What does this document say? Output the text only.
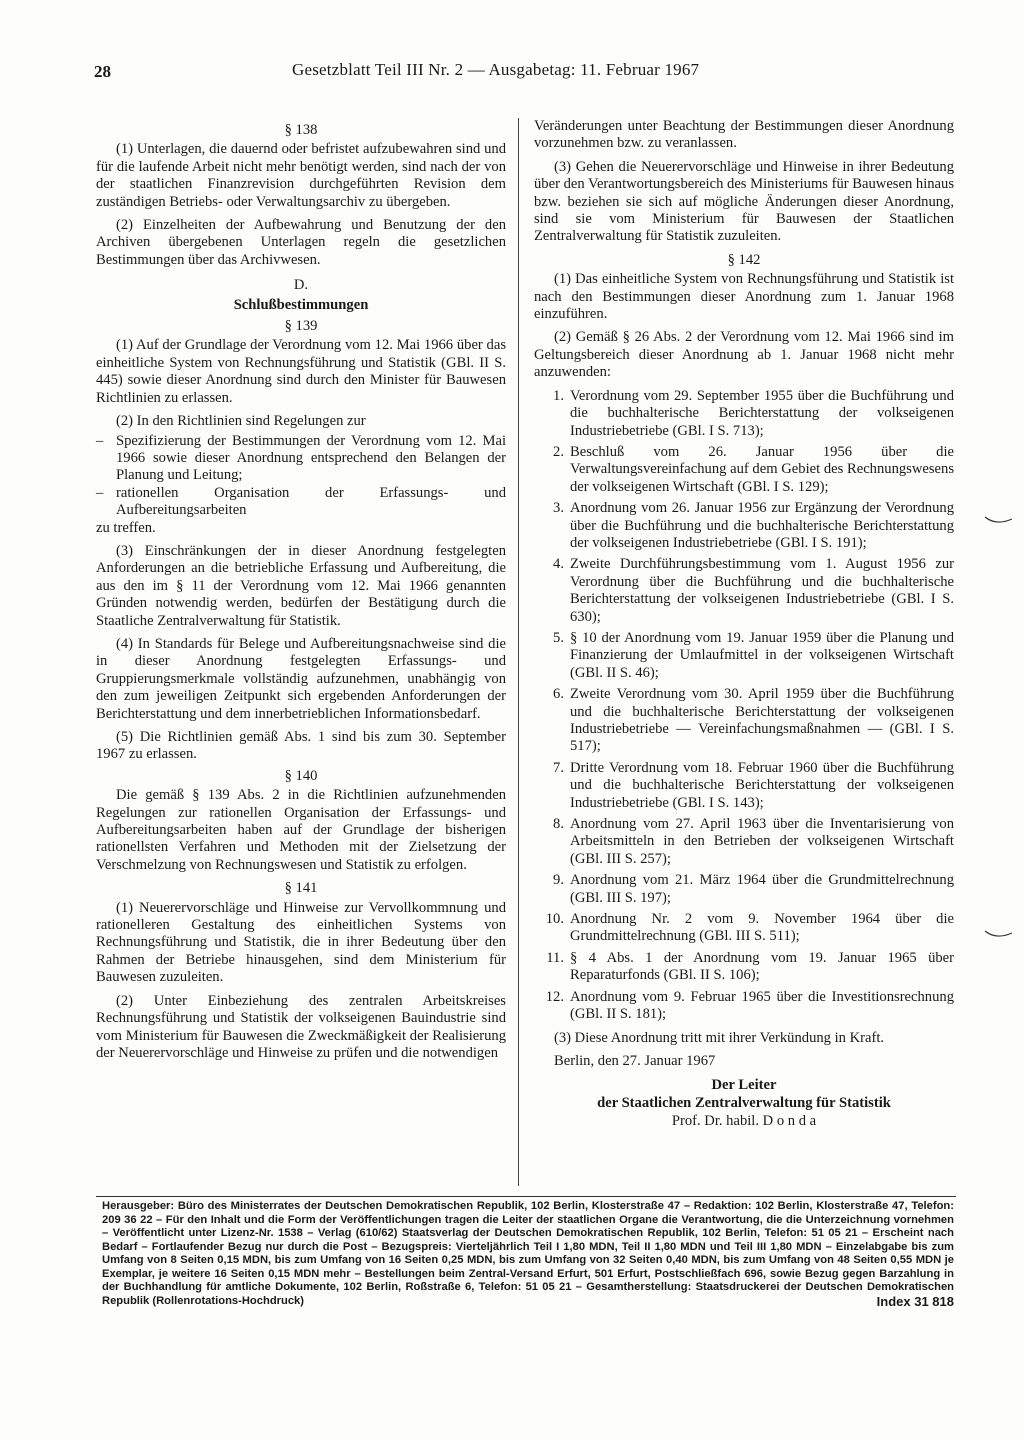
28	Gesetzblatt Teil III Nr. 2 — Ausgabetag: 11. Februar 1967
§ 138

(1) Unterlagen, die dauernd oder befristet aufzubewahren sind und für die laufende Arbeit nicht mehr benötigt werden, sind nach der von der staatlichen Finanzrevision durchgeführten Revision dem zuständigen Betriebs- oder Verwaltungsarchiv zu übergeben.

(2) Einzelheiten der Aufbewahrung und Benutzung der den Archiven übergebenen Unterlagen regeln die gesetzlichen Bestimmungen über das Archivwesen.

D.
Schlußbestimmungen
§ 139

(1) Auf der Grundlage der Verordnung vom 12. Mai 1966 über das einheitliche System von Rechnungsführung und Statistik (GBl. II S. 445) sowie dieser Anordnung sind durch den Minister für Bauwesen Richtlinien zu erlassen.

(2) In den Richtlinien sind Regelungen zur

– Spezifizierung der Bestimmungen der Verordnung vom 12. Mai 1966 sowie dieser Anordnung entsprechend den Belangen der Planung und Leitung;
– rationellen Organisation der Erfassungs- und Aufbereitungsarbeiten

zu treffen.

(3) Einschränkungen der in dieser Anordnung festgelegten Anforderungen an die betriebliche Erfassung und Aufbereitung, die aus den im § 11 der Verordnung vom 12. Mai 1966 genannten Gründen notwendig werden, bedürfen der Bestätigung durch die Staatliche Zentralverwaltung für Statistik.

(4) In Standards für Belege und Aufbereitungsnachweise sind die in dieser Anordnung festgelegten Erfassungs- und Gruppierungsmerkmale vollständig aufzunehmen, unabhängig von den zum jeweiligen Zeitpunkt sich ergebenden Anforderungen der Berichterstattung und dem innerbetrieblichen Informationsbedarf.

(5) Die Richtlinien gemäß Abs. 1 sind bis zum 30. September 1967 zu erlassen.

§ 140

Die gemäß § 139 Abs. 2 in die Richtlinien aufzunehmenden Regelungen zur rationellen Organisation der Erfassungs- und Aufbereitungsarbeiten haben auf der Grundlage der bisherigen rationellsten Verfahren und Methoden mit der Zielsetzung der Verschmelzung von Rechnungswesen und Statistik zu erfolgen.

§ 141

(1) Neuerervorschläge und Hinweise zur Vervollkommnung und rationelleren Gestaltung des einheitlichen Systems von Rechnungsführung und Statistik, die in ihrer Bedeutung über den Rahmen der Betriebe hinausgehen, sind dem Ministerium für Bauwesen zuzuleiten.

(2) Unter Einbeziehung des zentralen Arbeitskreises Rechnungsführung und Statistik der volkseigenen Bauindustrie sind vom Ministerium für Bauwesen die Zweckmäßigkeit der Realisierung der Neuerervorschläge und Hinweise zu prüfen und die notwendigen

Veränderungen unter Beachtung der Bestimmungen dieser Anordnung vorzunehmen bzw. zu veranlassen.

(3) Gehen die Neuerervorschläge und Hinweise in ihrer Bedeutung über den Verantwortungsbereich des Ministeriums für Bauwesen hinaus bzw. beziehen sie sich auf mögliche Änderungen dieser Anordnung, sind sie vom Ministerium für Bauwesen der Staatlichen Zentralverwaltung für Statistik zuzuleiten.

§ 142

(1) Das einheitliche System von Rechnungsführung und Statistik ist nach den Bestimmungen dieser Anordnung zum 1. Januar 1968 einzuführen.

(2) Gemäß § 26 Abs. 2 der Verordnung vom 12. Mai 1966 sind im Geltungsbereich dieser Anordnung ab 1. Januar 1968 nicht mehr anzuwenden:

1. Verordnung vom 29. September 1955 über die Buchführung und die buchhalterische Berichterstattung der volkseigenen Industriebetriebe (GBl. I S. 713);
2. Beschluß vom 26. Januar 1956 über die Verwaltungsvereinfachung auf dem Gebiet des Rechnungswesens der volkseigenen Wirtschaft (GBl. I S. 129);
3. Anordnung vom 26. Januar 1956 zur Ergänzung der Verordnung über die Buchführung und die buchhalterische Berichterstattung der volkseigenen Industriebetriebe (GBl. I S. 191);
4. Zweite Durchführungsbestimmung vom 1. August 1956 zur Verordnung über die Buchführung und die buchhalterische Berichterstattung der volkseigenen Industriebetriebe (GBl. I S. 630);
5. § 10 der Anordnung vom 19. Januar 1959 über die Planung und Finanzierung der Umlaufmittel in der volkseigenen Wirtschaft (GBl. II S. 46);
6. Zweite Verordnung vom 30. April 1959 über die Buchführung und die buchhalterische Berichterstattung der volkseigenen Industriebetriebe — Vereinfachungsmaßnahmen — (GBl. I S. 517);
7. Dritte Verordnung vom 18. Februar 1960 über die Buchführung und die buchhalterische Berichterstattung der volkseigenen Industriebetriebe (GBl. I S. 143);
8. Anordnung vom 27. April 1963 über die Inventarisierung von Arbeitsmitteln in den Betrieben der volkseigenen Wirtschaft (GBl. III S. 257);
9. Anordnung vom 21. März 1964 über die Grundmittelrechnung (GBl. III S. 197);
10. Anordnung Nr. 2 vom 9. November 1964 über die Grundmittelrechnung (GBl. III S. 511);
11. § 4 Abs. 1 der Anordnung vom 19. Januar 1965 über Reparaturfonds (GBl. II S. 106);
12. Anordnung vom 9. Februar 1965 über die Investitionsrechnung (GBl. II S. 181);

(3) Diese Anordnung tritt mit ihrer Verkündung in Kraft.

Berlin, den 27. Januar 1967

Der Leiter
der Staatlichen Zentralverwaltung für Statistik
Prof. Dr. habil. D o n d a
Herausgeber: Büro des Ministerrates der Deutschen Demokratischen Republik, 102 Berlin, Klosterstraße 47 – Redaktion: 102 Berlin, Klosterstraße 47, Telefon: 209 36 22 – Für den Inhalt und die Form der Veröffentlichungen tragen die Leiter der staatlichen Organe die Verantwortung, die die Unterzeichnung vornehmen – Veröffentlicht unter Lizenz-Nr. 1538 – Verlag (610/62) Staatsverlag der Deutschen Demokratischen Republik, 102 Berlin, Telefon: 51 05 21 – Erscheint nach Bedarf – Fortlaufender Bezug nur durch die Post – Bezugspreis: Vierteljährlich Teil I 1,80 MDN, Teil II 1,80 MDN und Teil III 1,80 MDN – Einzelabgabe bis zum Umfang von 8 Seiten 0,15 MDN, bis zum Umfang von 16 Seiten 0,25 MDN, bis zum Umfang von 32 Seiten 0,40 MDN, bis zum Umfang von 48 Seiten 0,55 MDN je Exemplar, je weitere 16 Seiten 0,15 MDN mehr – Bestellungen beim Zentral-Versand Erfurt, 501 Erfurt, Postschließfach 696, sowie Bezug gegen Barzahlung in der Buchhandlung für amtliche Dokumente, 102 Berlin, Roßstraße 6, Telefon: 51 05 21 – Gesamtherstellung: Staatsdruckerei der Deutschen Demokratischen Republik (Rollenrotations-Hochdruck)	Index 31 818
